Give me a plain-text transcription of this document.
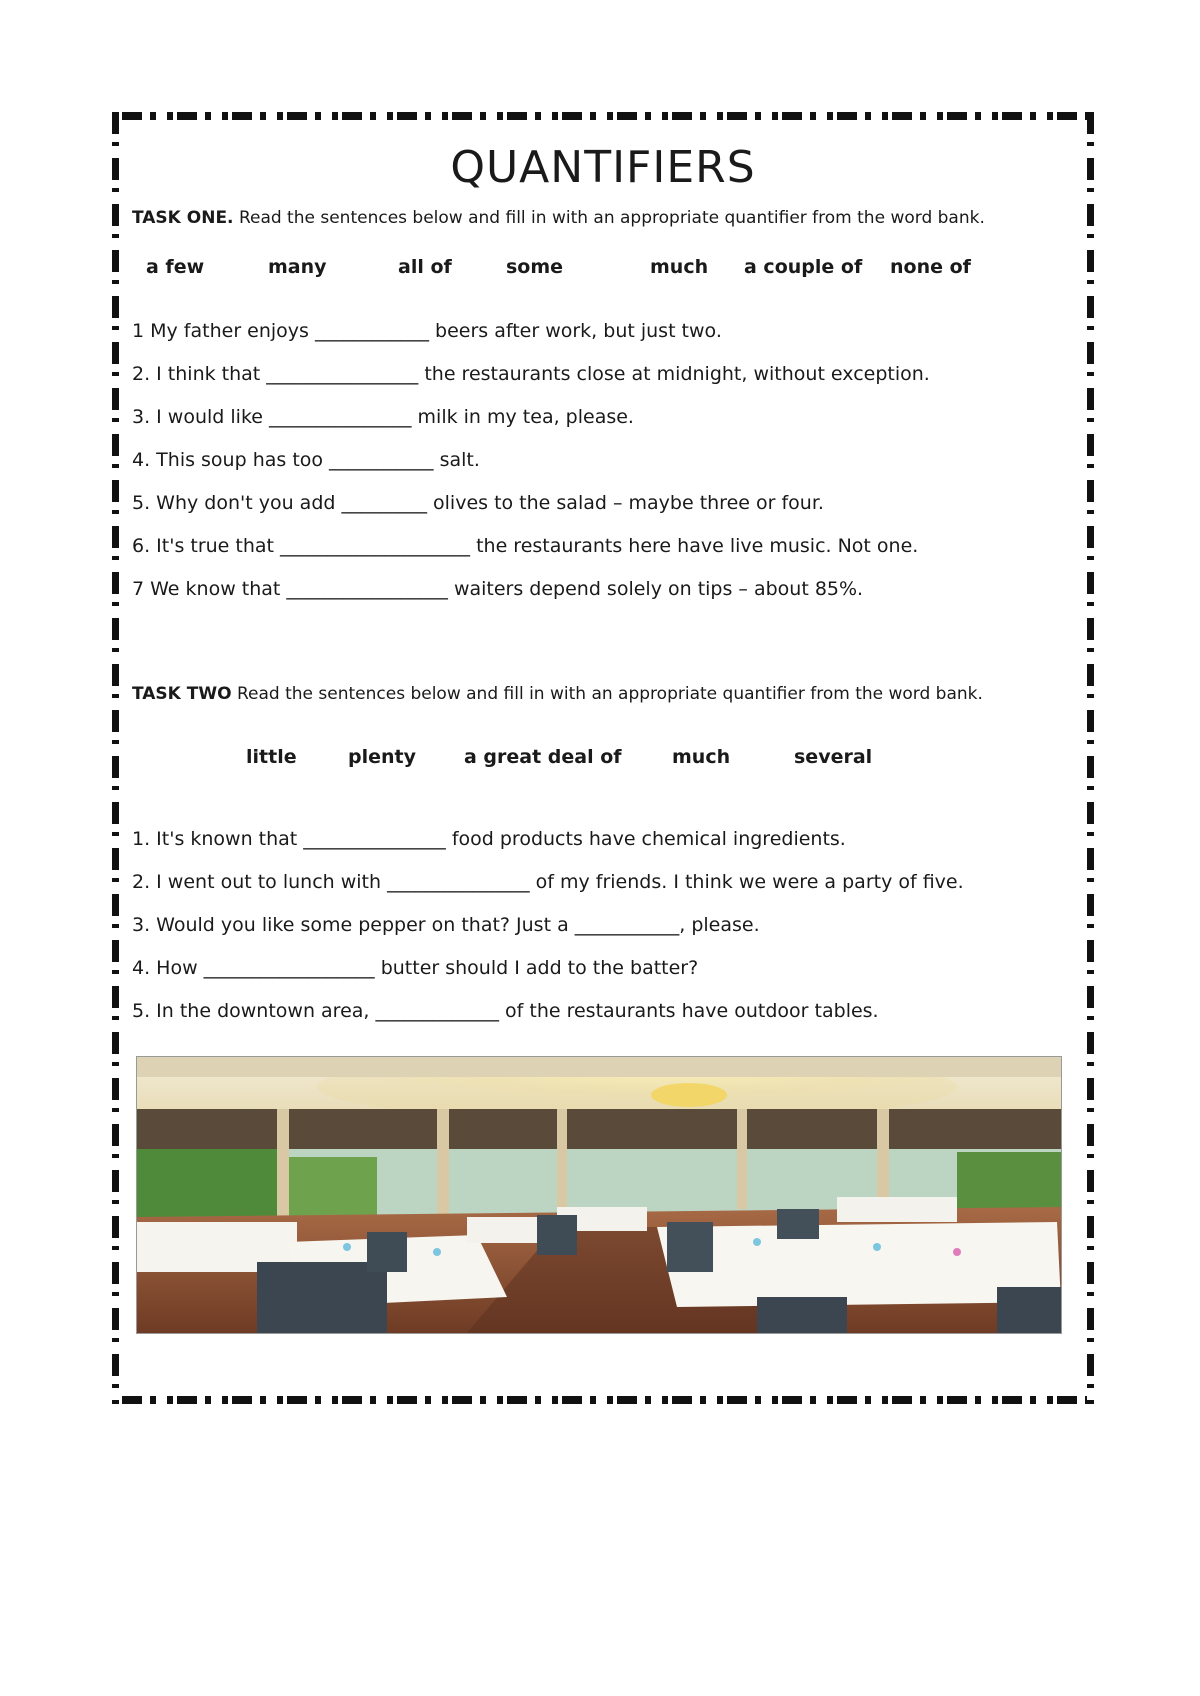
QUANTIFIERS
TASK ONE. Read the sentences below and fill in with an appropriate quantifier from the word bank.
a few	many	all of	some	much a couple of none of
1 My father enjoys ____________ beers after work, but just two.
2. I think that ________________ the restaurants close at midnight, without exception.
3. I would like _______________ milk in my tea, please.
4. This soup has too ___________ salt.
5. Why don't you add _________ olives to the salad – maybe three or four.
6. It's true that ____________________ the restaurants here have live music. Not one.
7 We know that _________________ waiters depend solely on tips – about 85%.
TASK TWO Read the sentences below and fill in with an appropriate quantifier from the word bank.
little	plenty	a great deal of	much	several
1. It's known that _______________ food products have chemical ingredients.
2. I went out to lunch with _______________ of my friends. I think we were a party of five.
3. Would you like some pepper on that? Just a ___________, please.
4. How __________________ butter should I add to the batter?
5. In the downtown area, _____________ of the restaurants have outdoor tables.
